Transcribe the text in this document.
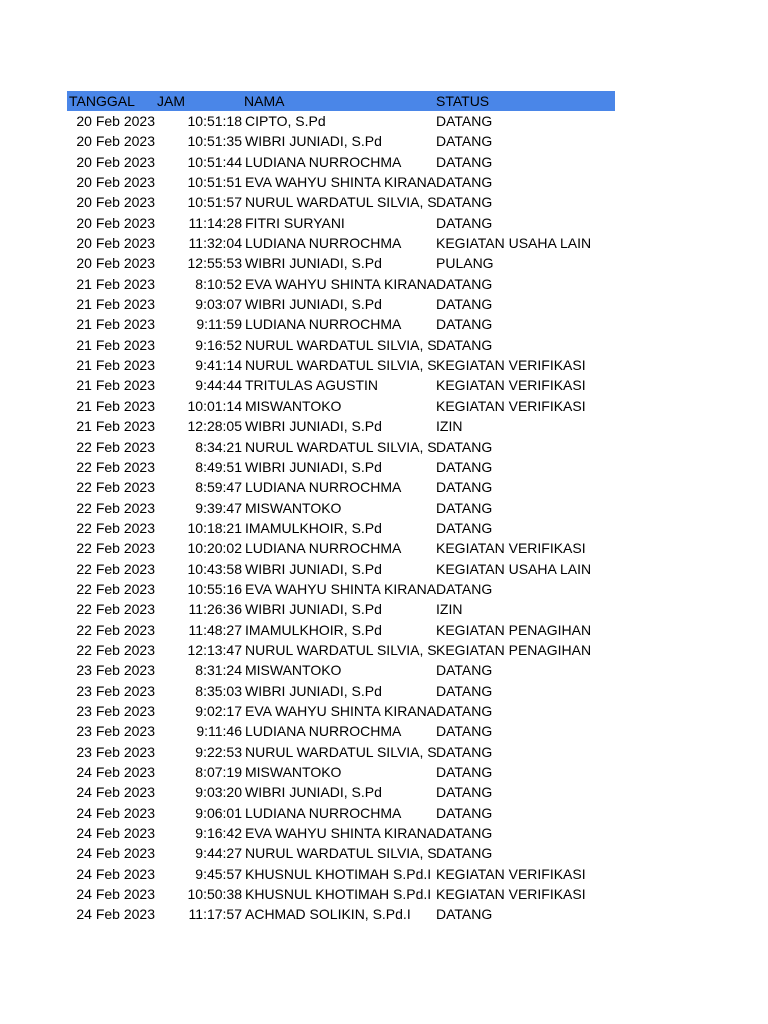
TANGGAL JAM	NAMA	STATUS
20 Feb 2023 10:51:18 CIPTO, S.Pd	DATANG
20 Feb 2023 10:51:35 WIBRI JUNIADI, S.Pd	DATANG
20 Feb 2023 10:51:44 LUDIANA NURROCHMA DATANG
20 Feb 2023 10:51:51 EVA WAHYU SHINTA KIRANA DATANG
20 Feb 2023 10:51:57 NURUL WARDATUL SILVIA, S DATANG
20 Feb 2023 11:14:28 FITRI SURYANI	DATANG
20 Feb 2023 11:32:04 LUDIANA NURROCHMA KEGIATAN USAHA LAIN
20 Feb 2023 12:55:53 WIBRI JUNIADI, S.Pd	PULANG
21 Feb 2023	8:10:52 EVA WAHYU SHINTA KIRANA DATANG
21 Feb 2023	9:03:07 WIBRI JUNIADI, S.Pd	DATANG
21 Feb 2023	9:11:59 LUDIANA NURROCHMA DATANG
21 Feb 2023	9:16:52 NURUL WARDATUL SILVIA, S DATANG
21 Feb 2023	9:41:14 NURUL WARDATUL SILVIA, S KEGIATAN VERIFIKASI
21 Feb 2023	9:44:44 TRITULAS AGUSTIN	KEGIATAN VERIFIKASI
21 Feb 2023 10:01:14 MISWANTOKO	KEGIATAN VERIFIKASI
21 Feb 2023 12:28:05 WIBRI JUNIADI, S.Pd	IZIN
22 Feb 2023	8:34:21 NURUL WARDATUL SILVIA, S DATANG
22 Feb 2023	8:49:51 WIBRI JUNIADI, S.Pd	DATANG
22 Feb 2023	8:59:47 LUDIANA NURROCHMA DATANG
22 Feb 2023	9:39:47 MISWANTOKO	DATANG
22 Feb 2023 10:18:21 IMAMULKHOIR, S.Pd	DATANG
22 Feb 2023 10:20:02 LUDIANA NURROCHMA KEGIATAN VERIFIKASI
22 Feb 2023 10:43:58 WIBRI JUNIADI, S.Pd	KEGIATAN USAHA LAIN
22 Feb 2023 10:55:16 EVA WAHYU SHINTA KIRANA DATANG
22 Feb 2023 11:26:36 WIBRI JUNIADI, S.Pd	IZIN
22 Feb 2023 11:48:27 IMAMULKHOIR, S.Pd	KEGIATAN PENAGIHAN
22 Feb 2023 12:13:47 NURUL WARDATUL SILVIA, S KEGIATAN PENAGIHAN
23 Feb 2023	8:31:24 MISWANTOKO	DATANG
23 Feb 2023	8:35:03 WIBRI JUNIADI, S.Pd	DATANG
23 Feb 2023	9:02:17 EVA WAHYU SHINTA KIRANA DATANG
23 Feb 2023	9:11:46 LUDIANA NURROCHMA DATANG
23 Feb 2023	9:22:53 NURUL WARDATUL SILVIA, S DATANG
24 Feb 2023	8:07:19 MISWANTOKO	DATANG
24 Feb 2023	9:03:20 WIBRI JUNIADI, S.Pd	DATANG
24 Feb 2023	9:06:01 LUDIANA NURROCHMA DATANG
24 Feb 2023	9:16:42 EVA WAHYU SHINTA KIRANA DATANG
24 Feb 2023	9:44:27 NURUL WARDATUL SILVIA, S DATANG
24 Feb 2023	9:45:57 KHUSNUL KHOTIMAH S.Pd.I KEGIATAN VERIFIKASI
24 Feb 2023 10:50:38 KHUSNUL KHOTIMAH S.Pd.I KEGIATAN VERIFIKASI
24 Feb 2023 11:17:57 ACHMAD SOLIKIN, S.Pd.I DATANG
